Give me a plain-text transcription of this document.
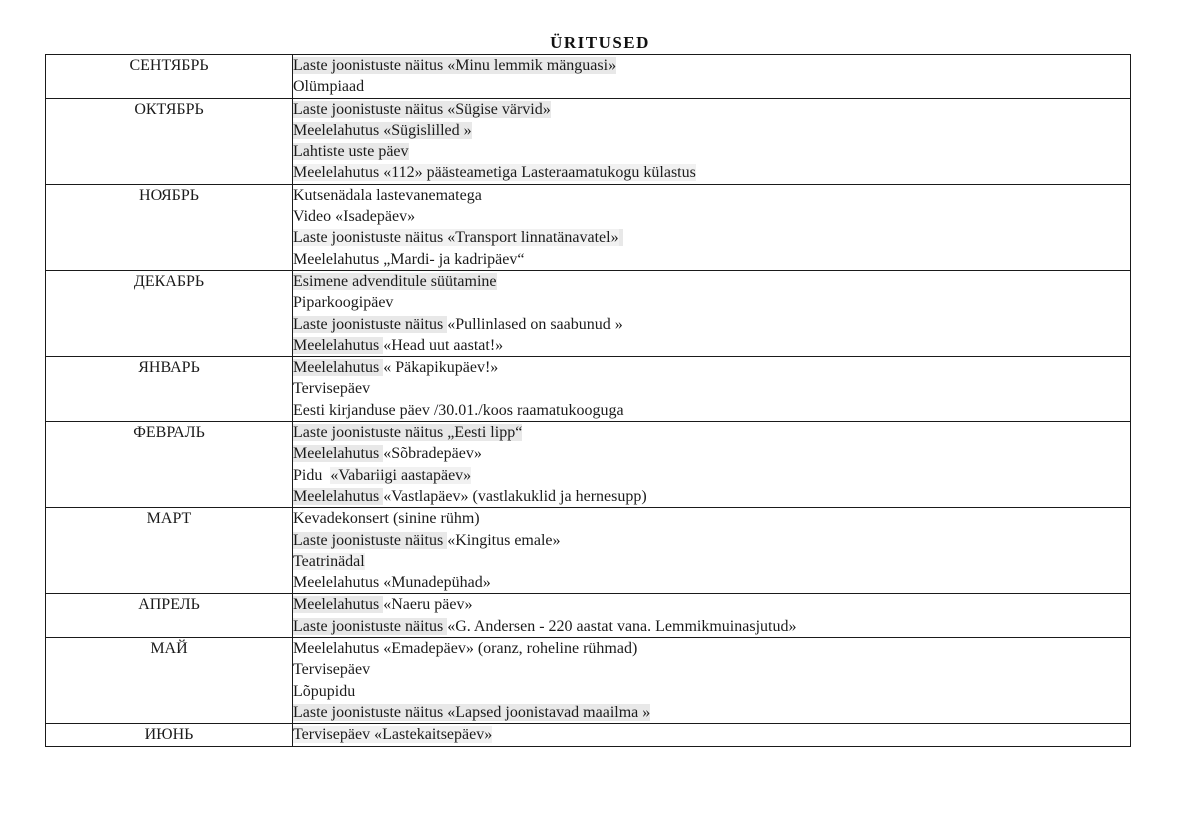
ÜRITUSED
СЕНТЯБРЬ	Laste joonistuste näitus «Minu lemmik mänguasi»
Olümpiaad

ОКТЯБРЬ	Laste joonistuste näitus «Sügise värvid»
Meelelahutus «Sügislilled »
Lahtiste uste päev
Meelelahutus «112» päästeametiga Lasteraamatukogu külastus

НОЯБРЬ	Kutsenädala lastevanematega
Video «Isadepäev»
Laste joonistuste näitus «Transport linnatänavatel»
Meelelahutus „Mardi- ja kadripäev“

ДЕКАБРЬ	Esimene advenditule süütamine
Piparkoogipäev
Laste joonistuste näitus «Pullinlased on saabunud »
Meelelahutus «Head uut aastat!»

ЯНВАРЬ	Meelelahutus « Päkapikupäev!»
Tervisepäev
Eesti kirjanduse päev /30.01./koos raamatukooguga

ФЕВРАЛЬ	Laste joonistuste näitus „Eesti lipp“
Meelelahutus «Sõbradepäev»
Pidu  «Vabariigi aastapäev»
Meelelahutus «Vastlapäev» (vastlakuklid ja hernesupp)

МАРТ	Kevadekonsert (sinine rühm)
Laste joonistuste näitus «Kingitus emale»
Teatrinädal
Meelelahutus «Munadepühad»

АПРЕЛЬ	Meelelahutus «Naeru päev»
Laste joonistuste näitus «G. Andersen - 220 aastat vana. Lemmikmuinasjutud»

МАЙ	Meelelahutus «Emadepäev» (oranz, roheline rühmad)
Tervisepäev
Lõpupidu
Laste joonistuste näitus «Lapsed joonistavad maailma »

ИЮНЬ	Tervisepäev «Lastekaitsepäev»
